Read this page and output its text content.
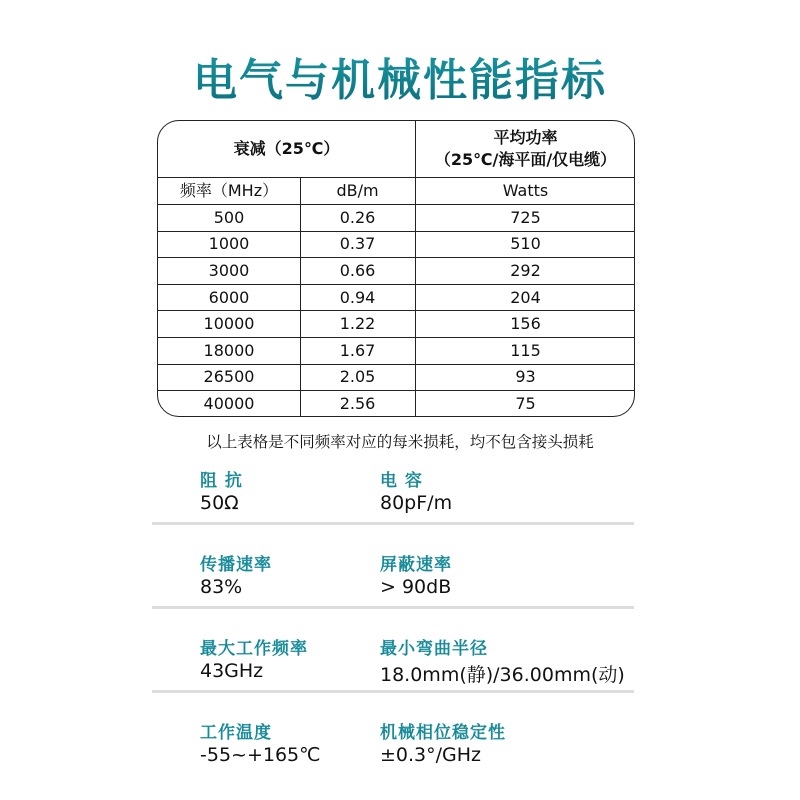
电气与机械性能指标
衰减（25℃）
平均功率
（25℃/海平面/仅电缆）
频率（MHz）	dB/m	Watts
500	0.26	725
1000	0.37	510
3000	0.66	292
6000	0.94	204
10000	1.22	156
18000	1.67	115
26500	2.05	93
40000	2.56	75
以上表格是不同频率对应的每米损耗，均不包含接头损耗
阻 抗
50Ω
电 容
80pF/m
传播速率
83%
屏蔽速率
> 90dB
最大工作频率
43GHz
最小弯曲半径
18.0mm(静)/36.00mm(动)
工作温度
-55~+165℃
机械相位稳定性
±0.3°/GHz
